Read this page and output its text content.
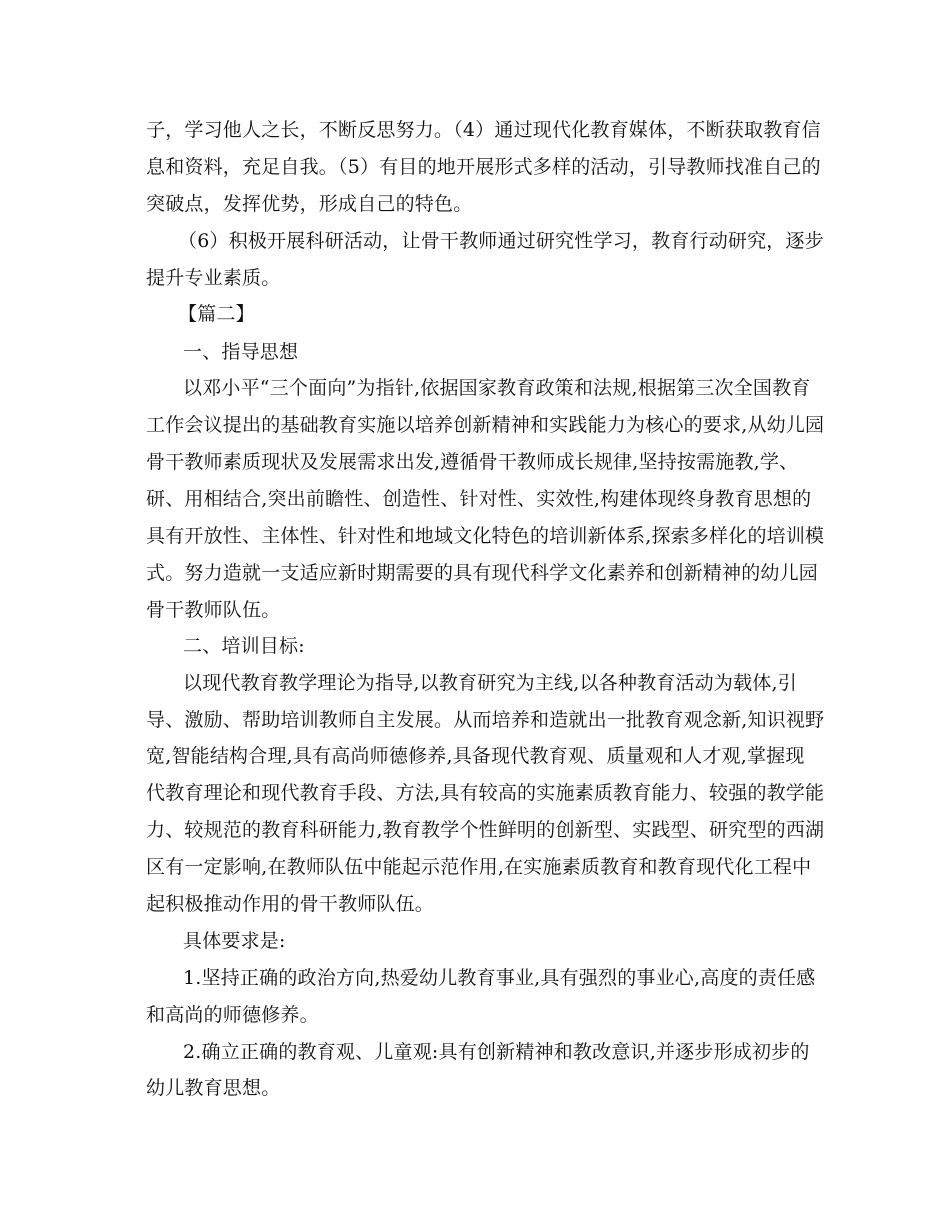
子，学习他人之长，不断反思努力。（4）通过现代化教育媒体，不断获取教育信
息和资料，充足自我。（5）有目的地开展形式多样的活动，引导教师找准自己的
突破点，发挥优势，形成自己的特色。
（6）积极开展科研活动，让骨干教师通过研究性学习，教育行动研究，逐步
提升专业素质。
【篇二】
一、指导思想
以邓小平“三个面向”为指针,依据国家教育政策和法规,根据第三次全国教育
工作会议提出的基础教育实施以培养创新精神和实践能力为核心的要求,从幼儿园
骨干教师素质现状及发展需求出发,遵循骨干教师成长规律,坚持按需施教,学、
研、用相结合,突出前瞻性、创造性、针对性、实效性,构建体现终身教育思想的
具有开放性、主体性、针对性和地域文化特色的培训新体系,探索多样化的培训模
式。努力造就一支适应新时期需要的具有现代科学文化素养和创新精神的幼儿园
骨干教师队伍。
二、培训目标:
以现代教育教学理论为指导,以教育研究为主线,以各种教育活动为载体,引
导、激励、帮助培训教师自主发展。从而培养和造就出一批教育观念新,知识视野
宽,智能结构合理,具有高尚师德修养,具备现代教育观、质量观和人才观,掌握现
代教育理论和现代教育手段、方法,具有较高的实施素质教育能力、较强的教学能
力、较规范的教育科研能力,教育教学个性鲜明的创新型、实践型、研究型的西湖
区有一定影响,在教师队伍中能起示范作用,在实施素质教育和教育现代化工程中
起积极推动作用的骨干教师队伍。
具体要求是:
1.坚持正确的政治方向,热爱幼儿教育事业,具有强烈的事业心,高度的责任感
和高尚的师德修养。
2.确立正确的教育观、儿童观:具有创新精神和教改意识,并逐步形成初步的
幼儿教育思想。
